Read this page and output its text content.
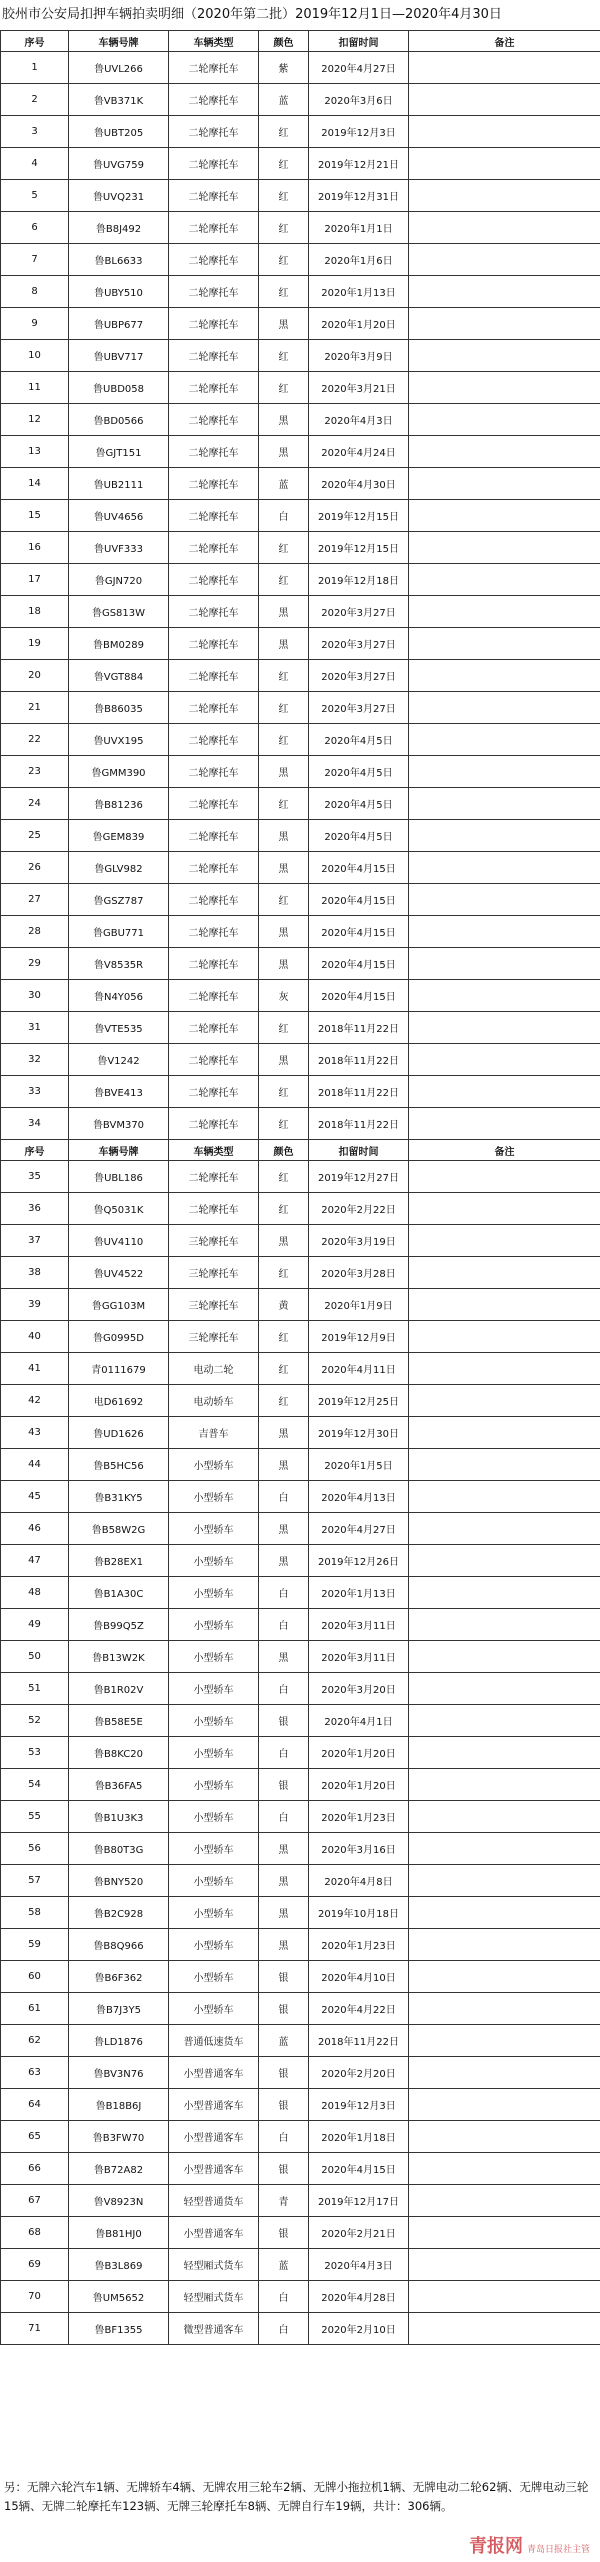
胶州市公安局扣押车辆拍卖明细（2020年第二批）2019年12月1日—2020年4月30日
序号	车辆号牌	车辆类型	颜色	扣留时间	备注
1	鲁UVL266	二轮摩托车	紫	2020年4月27日	
2	鲁VB371K	二轮摩托车	蓝	2020年3月6日	
3	鲁UBT205	二轮摩托车	红	2019年12月3日	
4	鲁UVG759	二轮摩托车	红	2019年12月21日	
5	鲁UVQ231	二轮摩托车	红	2019年12月31日	
6	鲁B8J492	二轮摩托车	红	2020年1月1日	
7	鲁BL6633	二轮摩托车	红	2020年1月6日	
8	鲁UBY510	二轮摩托车	红	2020年1月13日	
9	鲁UBP677	二轮摩托车	黑	2020年1月20日	
10	鲁UBV717	二轮摩托车	红	2020年3月9日	
11	鲁UBD058	二轮摩托车	红	2020年3月21日	
12	鲁BD0566	二轮摩托车	黑	2020年4月3日	
13	鲁GJT151	二轮摩托车	黑	2020年4月24日	
14	鲁UB2111	二轮摩托车	蓝	2020年4月30日	
15	鲁UV4656	二轮摩托车	白	2019年12月15日	
16	鲁UVF333	二轮摩托车	红	2019年12月15日	
17	鲁GJN720	二轮摩托车	红	2019年12月18日	
18	鲁GS813W	二轮摩托车	黑	2020年3月27日	
19	鲁BM0289	二轮摩托车	黑	2020年3月27日	
20	鲁VGT884	二轮摩托车	红	2020年3月27日	
21	鲁B86035	二轮摩托车	红	2020年3月27日	
22	鲁UVX195	二轮摩托车	红	2020年4月5日	
23	鲁GMM390	二轮摩托车	黑	2020年4月5日	
24	鲁B81236	二轮摩托车	红	2020年4月5日	
25	鲁GEM839	二轮摩托车	黑	2020年4月5日	
26	鲁GLV982	二轮摩托车	黑	2020年4月15日	
27	鲁GSZ787	二轮摩托车	红	2020年4月15日	
28	鲁GBU771	二轮摩托车	黑	2020年4月15日	
29	鲁V8535R	二轮摩托车	黑	2020年4月15日	
30	鲁N4Y056	二轮摩托车	灰	2020年4月15日	
31	鲁VTE535	二轮摩托车	红	2018年11月22日	
32	鲁V1242	二轮摩托车	黑	2018年11月22日	
33	鲁BVE413	二轮摩托车	红	2018年11月22日	
34	鲁BVM370	二轮摩托车	红	2018年11月22日	
序号	车辆号牌	车辆类型	颜色	扣留时间	备注
35	鲁UBL186	二轮摩托车	红	2019年12月27日	
36	鲁Q5031K	二轮摩托车	红	2020年2月22日	
37	鲁UV4110	三轮摩托车	黑	2020年3月19日	
38	鲁UV4522	三轮摩托车	红	2020年3月28日	
39	鲁GG103M	三轮摩托车	黄	2020年1月9日	
40	鲁G0995D	三轮摩托车	红	2019年12月9日	
41	青0111679	电动二轮	红	2020年4月11日	
42	电D61692	电动轿车	红	2019年12月25日	
43	鲁UD1626	吉普车	黑	2019年12月30日	
44	鲁B5HC56	小型轿车	黑	2020年1月5日	
45	鲁B31KY5	小型轿车	白	2020年4月13日	
46	鲁B58W2G	小型轿车	黑	2020年4月27日	
47	鲁B28EX1	小型轿车	黑	2019年12月26日	
48	鲁B1A30C	小型轿车	白	2020年1月13日	
49	鲁B99Q5Z	小型轿车	白	2020年3月11日	
50	鲁B13W2K	小型轿车	黑	2020年3月11日	
51	鲁B1R02V	小型轿车	白	2020年3月20日	
52	鲁B58E5E	小型轿车	银	2020年4月1日	
53	鲁B8KC20	小型轿车	白	2020年1月20日	
54	鲁B36FA5	小型轿车	银	2020年1月20日	
55	鲁B1U3K3	小型轿车	白	2020年1月23日	
56	鲁B80T3G	小型轿车	黑	2020年3月16日	
57	鲁BNY520	小型轿车	黑	2020年4月8日	
58	鲁B2C928	小型轿车	黑	2019年10月18日	
59	鲁B8Q966	小型轿车	黑	2020年1月23日	
60	鲁B6F362	小型轿车	银	2020年4月10日	
61	鲁B7J3Y5	小型轿车	银	2020年4月22日	
62	鲁LD1876	普通低速货车	蓝	2018年11月22日	
63	鲁BV3N76	小型普通客车	银	2020年2月20日	
64	鲁B18B6J	小型普通客车	银	2019年12月3日	
65	鲁B3FW70	小型普通客车	白	2020年1月18日	
66	鲁B72A82	小型普通客车	银	2020年4月15日	
67	鲁V8923N	轻型普通货车	青	2019年12月17日	
68	鲁B81HJ0	小型普通客车	银	2020年2月21日	
69	鲁B3L869	轻型厢式货车	蓝	2020年4月3日	
70	鲁UM5652	轻型厢式货车	白	2020年4月28日	
71	鲁BF1355	微型普通客车	白	2020年2月10日	
另：无牌六轮汽车1辆、无牌轿车4辆、无牌农用三轮车2辆、无牌小拖拉机1辆、无牌电动二轮62辆、无牌电动三轮15辆、无牌二轮摩托车123辆、无牌三轮摩托车8辆、无牌自行车19辆，共计：306辆。
青报网 青岛日报社主管
